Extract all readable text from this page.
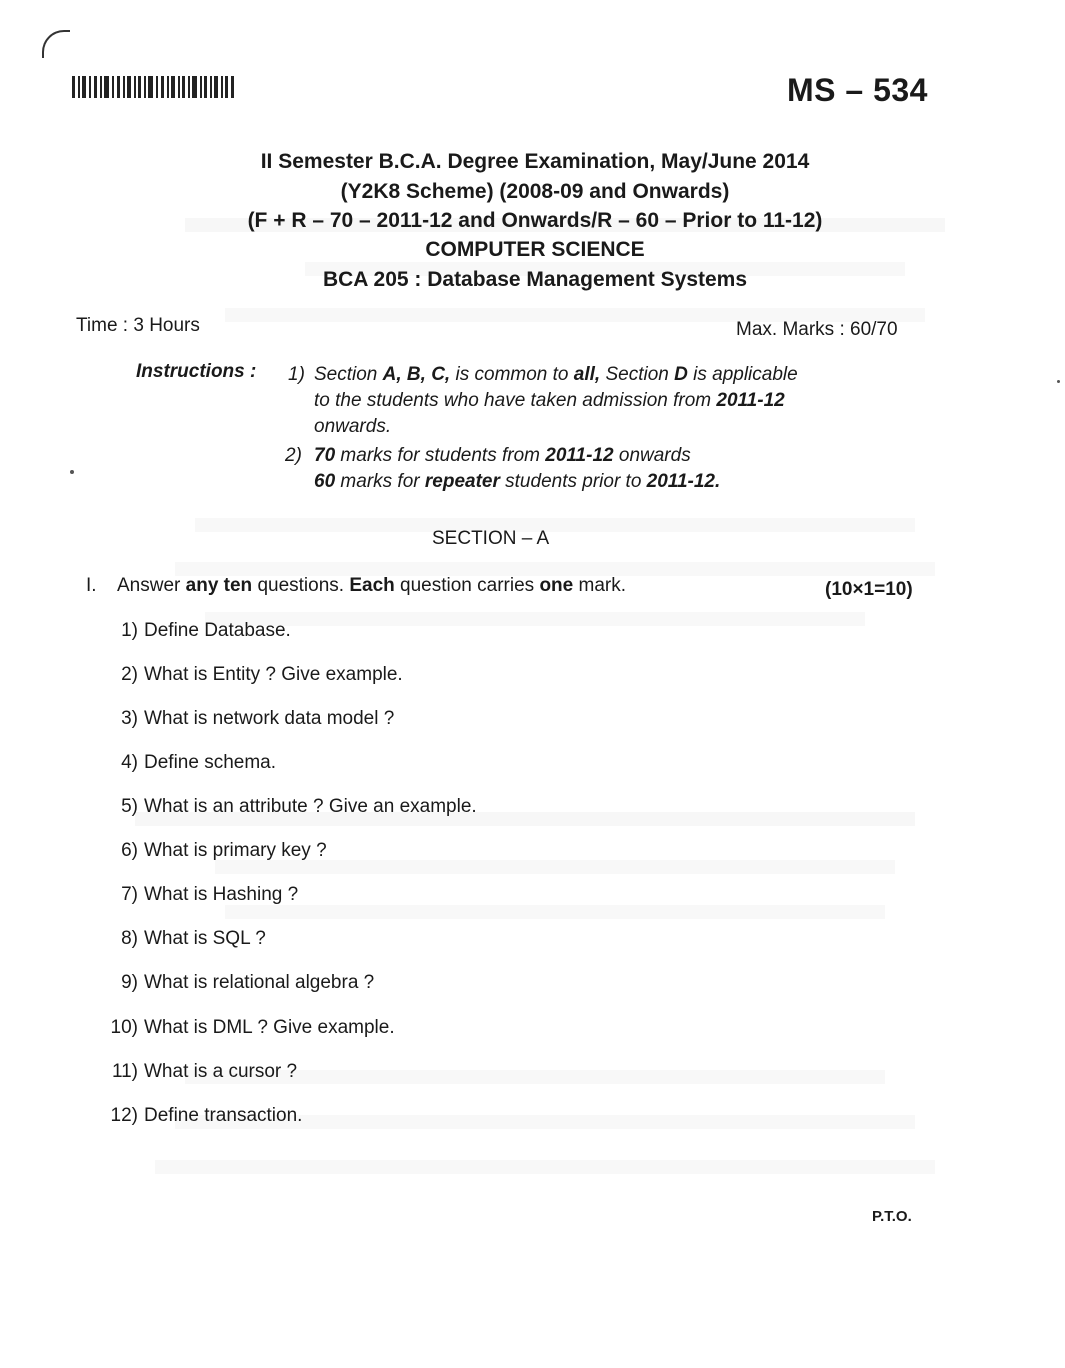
MS – 534
II Semester B.C.A. Degree Examination, May/June 2014
(Y2K8 Scheme) (2008-09 and Onwards)
(F + R – 70 – 2011-12 and Onwards/R – 60 – Prior to 11-12)
COMPUTER SCIENCE
BCA 205 : Database Management Systems
Time : 3 Hours	Max. Marks : 60/70
Instructions : 1) Section A, B, C, is common to all, Section D is applicable
to the students who have taken admission from 2011-12
onwards.
2) 70 marks for students from 2011-12 onwards
60 marks for repeater students prior to 2011-12.
SECTION – A
I. Answer any ten questions. Each question carries one mark.	(10×1=10)
1) Define Database.
2) What is Entity ? Give example.
3) What is network data model ?
4) Define schema.
5) What is an attribute ? Give an example.
6) What is primary key ?
7) What is Hashing ?
8) What is SQL ?
9) What is relational algebra ?
10) What is DML ? Give example.
11) What is a cursor ?
12) Define transaction.
P.T.O.
